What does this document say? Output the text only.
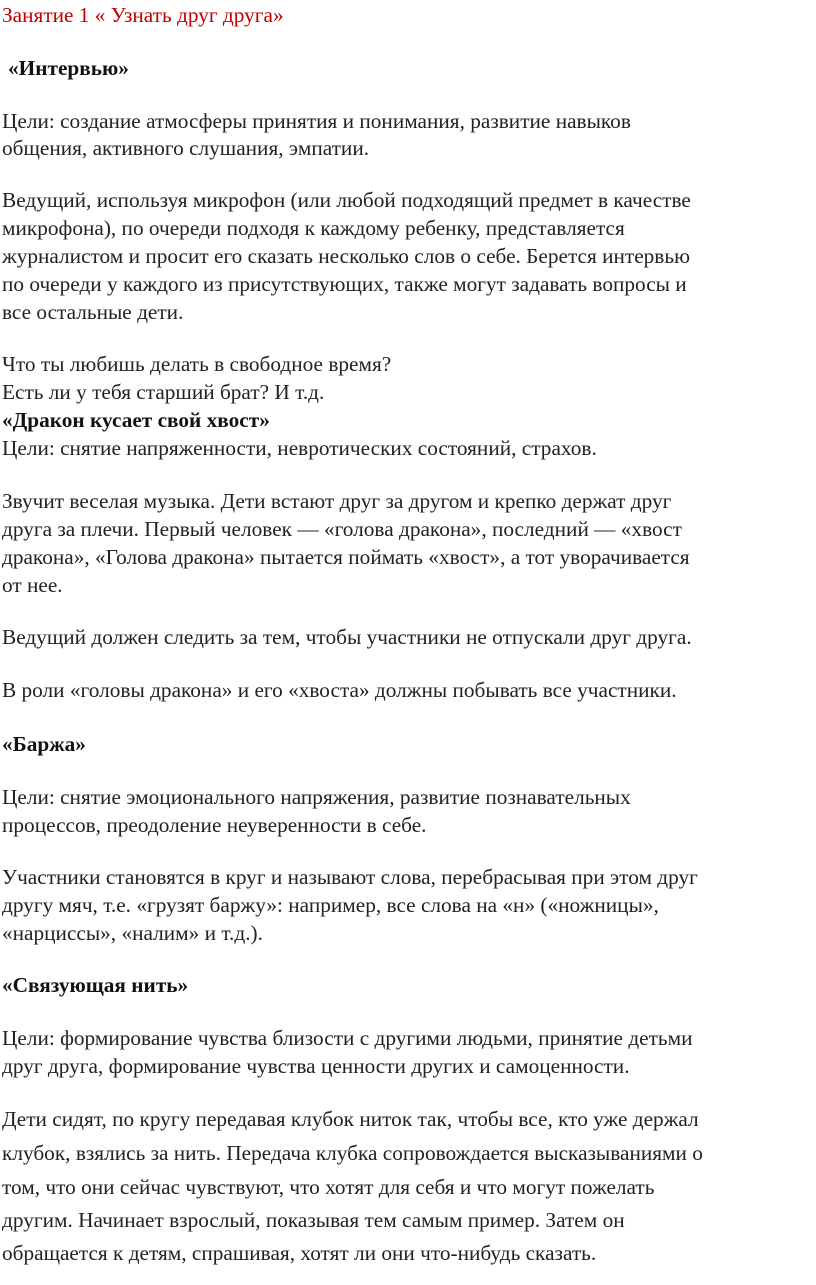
Занятие 1 « Узнать друг друга»
«Интервью»
Цели: создание атмосферы принятия и понимания, развитие навыков
общения, активного слушания, эмпатии.
Ведущий, используя микрофон (или любой подходящий предмет в качестве
микрофона), по очереди подходя к каждому ребенку, представляется
журналистом и просит его сказать несколько слов о себе. Берется интервью
по очереди у каждого из присутствующих, также могут задавать вопросы и
все остальные дети.
Что ты любишь делать в свободное время?
Есть ли у тебя старший брат? И т.д.
«Дракон кусает свой хвост»
Цели: снятие напряженности, невротических состояний, страхов.
Звучит веселая музыка. Дети встают друг за другом и крепко держат друг
друга за плечи. Первый человек — «голова дракона», последний — «хвост
дракона», «Голова дракона» пытается поймать «хвост», а тот уворачивается
от нее.
Ведущий должен следить за тем, чтобы участники не отпускали друг друга.
В роли «головы дракона» и его «хвоста» должны побывать все участники.
«Баржа»
Цели: снятие эмоционального напряжения, развитие познавательных
процессов, преодоление неуверенности в себе.
Участники становятся в круг и называют слова, перебрасывая при этом друг
другу мяч, т.е. «грузят баржу»: например, все слова на «н» («ножницы»,
«нарциссы», «налим» и т.д.).
«Связующая нить»
Цели: формирование чувства близости с другими людьми, принятие детьми
друг друга, формирование чувства ценности других и самоценности.
Дети сидят, по кругу передавая клубок ниток так, чтобы все, кто уже держал
клубок, взялись за нить. Передача клубка сопровождается высказываниями о
том, что они сейчас чувствуют, что хотят для себя и что могут пожелать
другим. Начинает взрослый, показывая тем самым пример. Затем он
обращается к детям, спрашивая, хотят ли они что-нибудь сказать.
